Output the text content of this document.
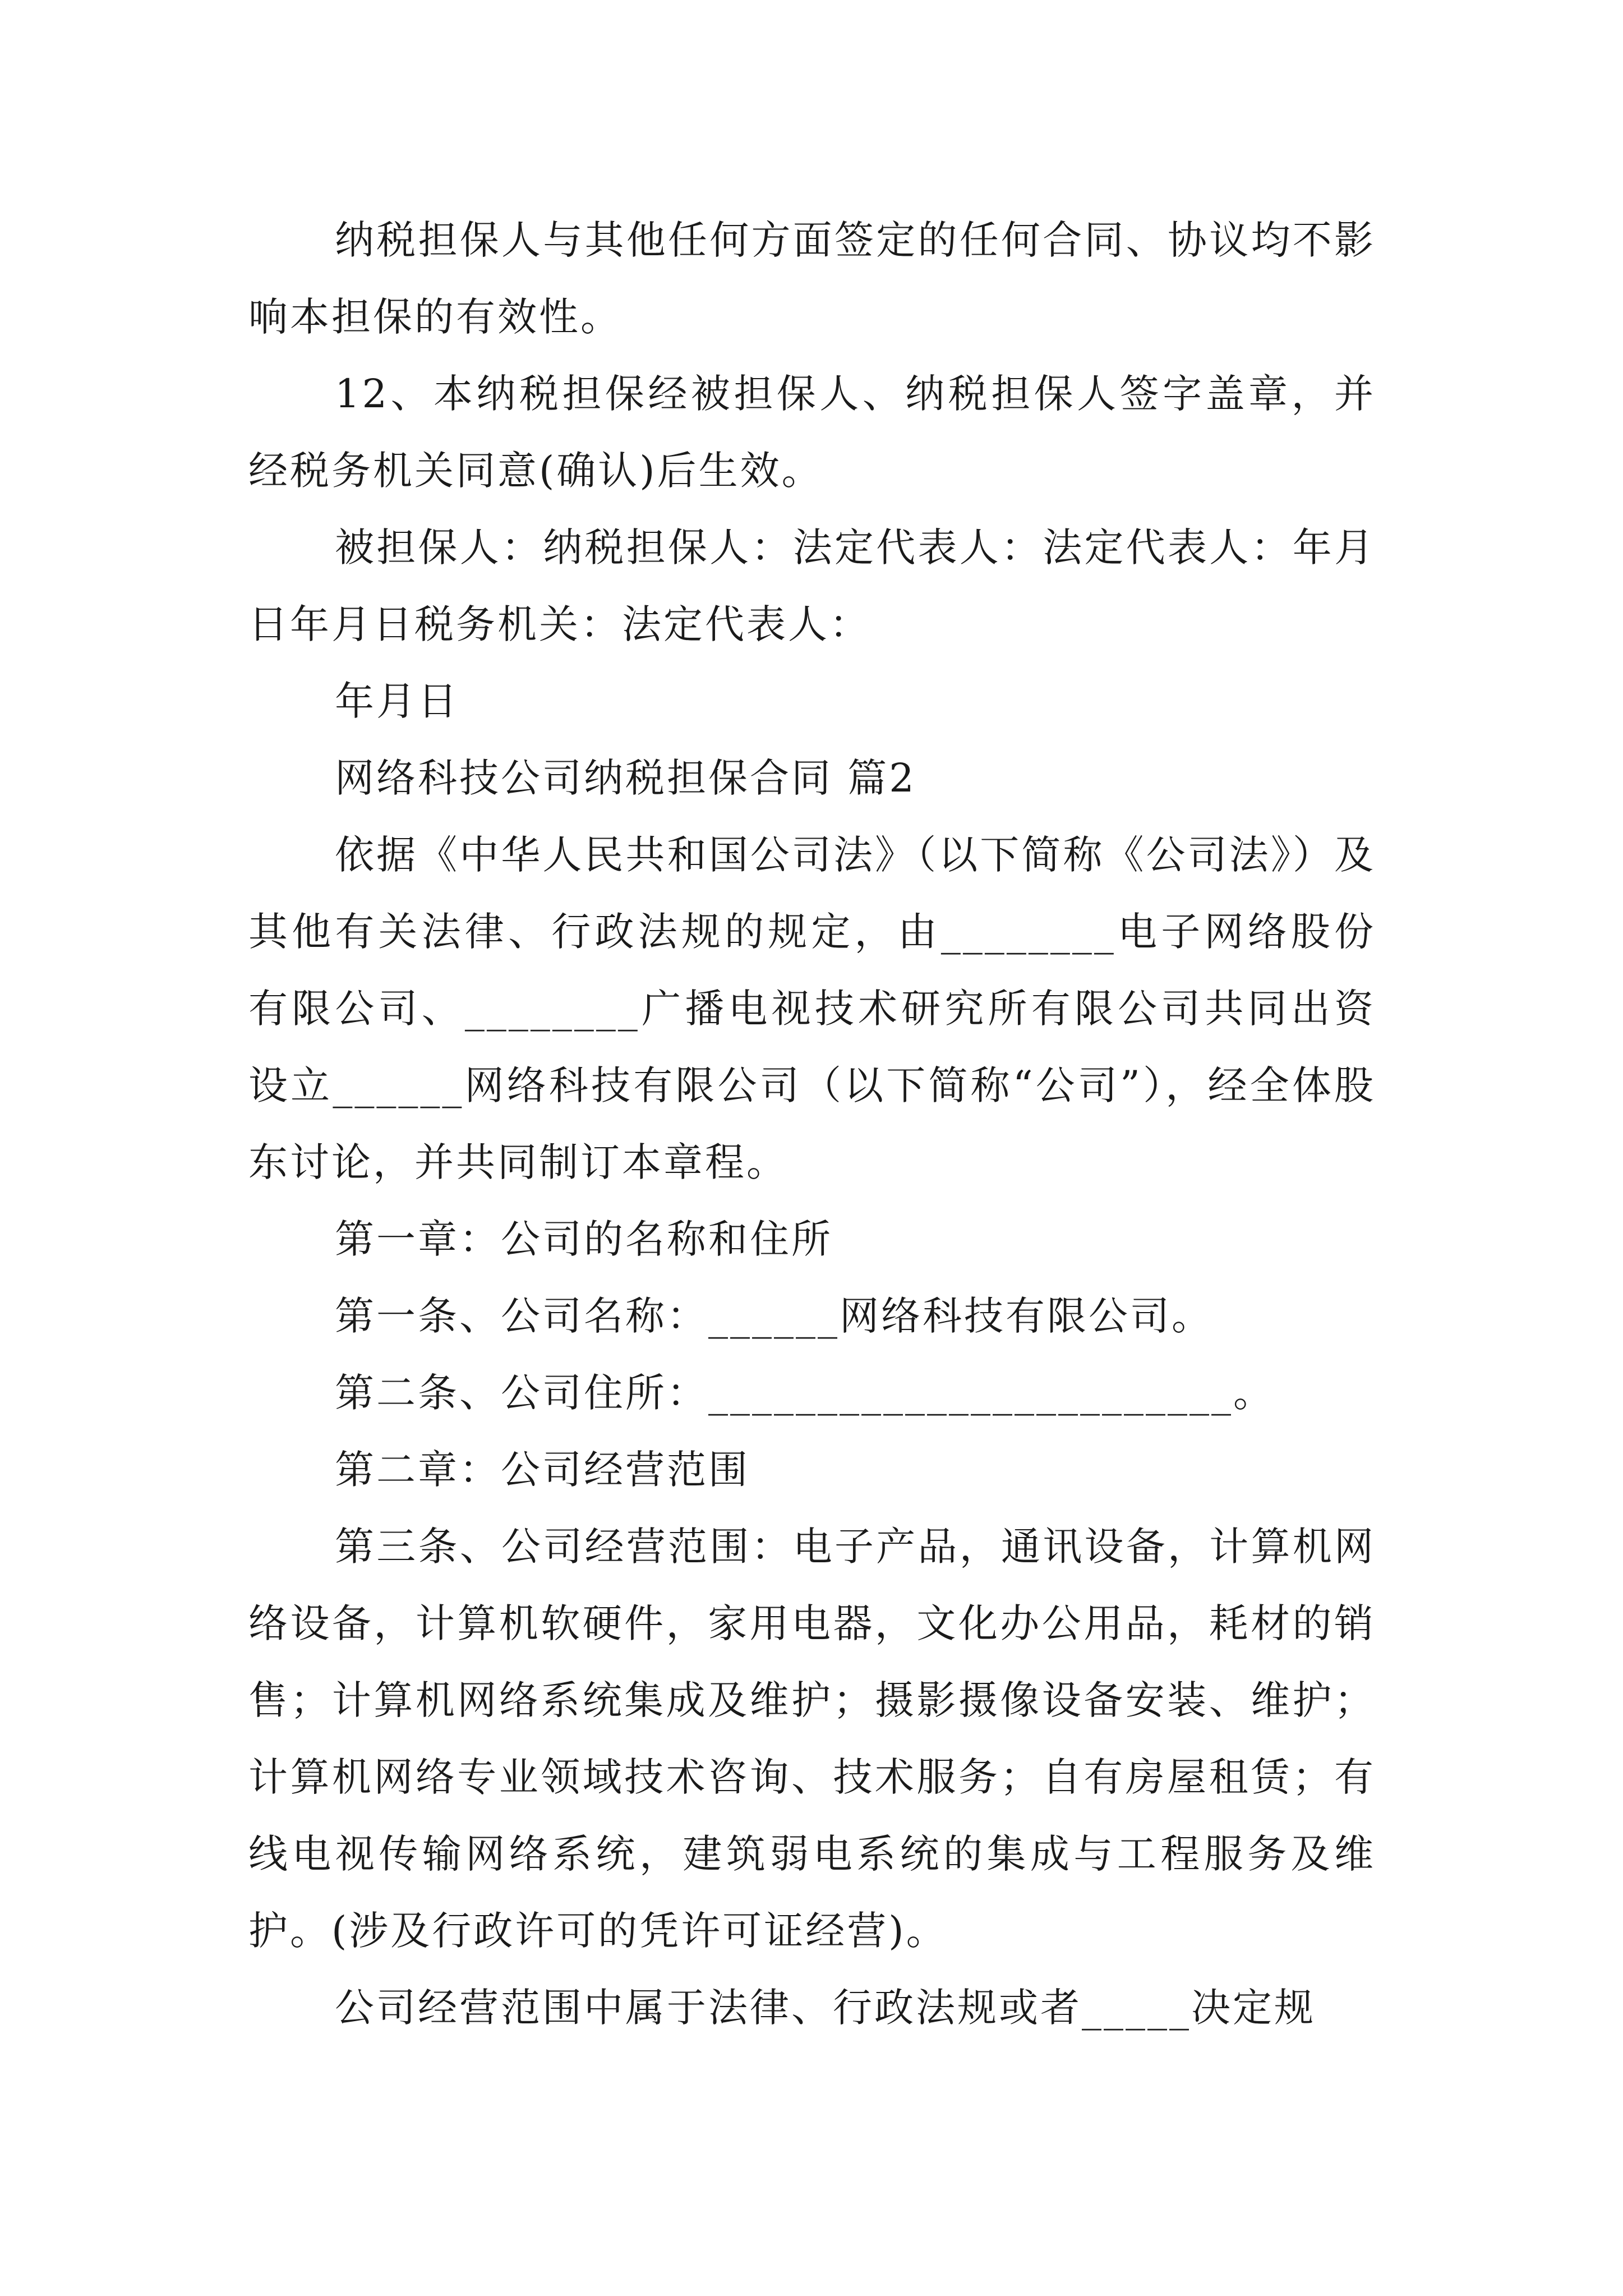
纳税担保人与其他任何方面签定的任何合同、协议均不影响本担保的有效性。

12、本纳税担保经被担保人、纳税担保人签字盖章，并经税务机关同意(确认)后生效。

被担保人：纳税担保人：法定代表人：法定代表人：年月日年月日税务机关：法定代表人：

年月日

网络科技公司纳税担保合同 篇2

依据《中华人民共和国公司法》（以下简称《公司法》）及其他有关法律、行政法规的规定，由________电子网络股份有限公司、________广播电视技术研究所有限公司共同出资设立______网络科技有限公司（以下简称“公司”），经全体股东讨论，并共同制订本章程。

第一章：公司的名称和住所

第一条、公司名称：______网络科技有限公司。

第二条、公司住所：________________________。

第二章：公司经营范围

第三条、公司经营范围：电子产品，通讯设备，计算机网络设备，计算机软硬件，家用电器，文化办公用品，耗材的销售；计算机网络系统集成及维护；摄影摄像设备安装、维护；计算机网络专业领域技术咨询、技术服务；自有房屋租赁；有线电视传输网络系统，建筑弱电系统的集成与工程服务及维护。(涉及行政许可的凭许可证经营)。

公司经营范围中属于法律、行政法规或者_____决定规
